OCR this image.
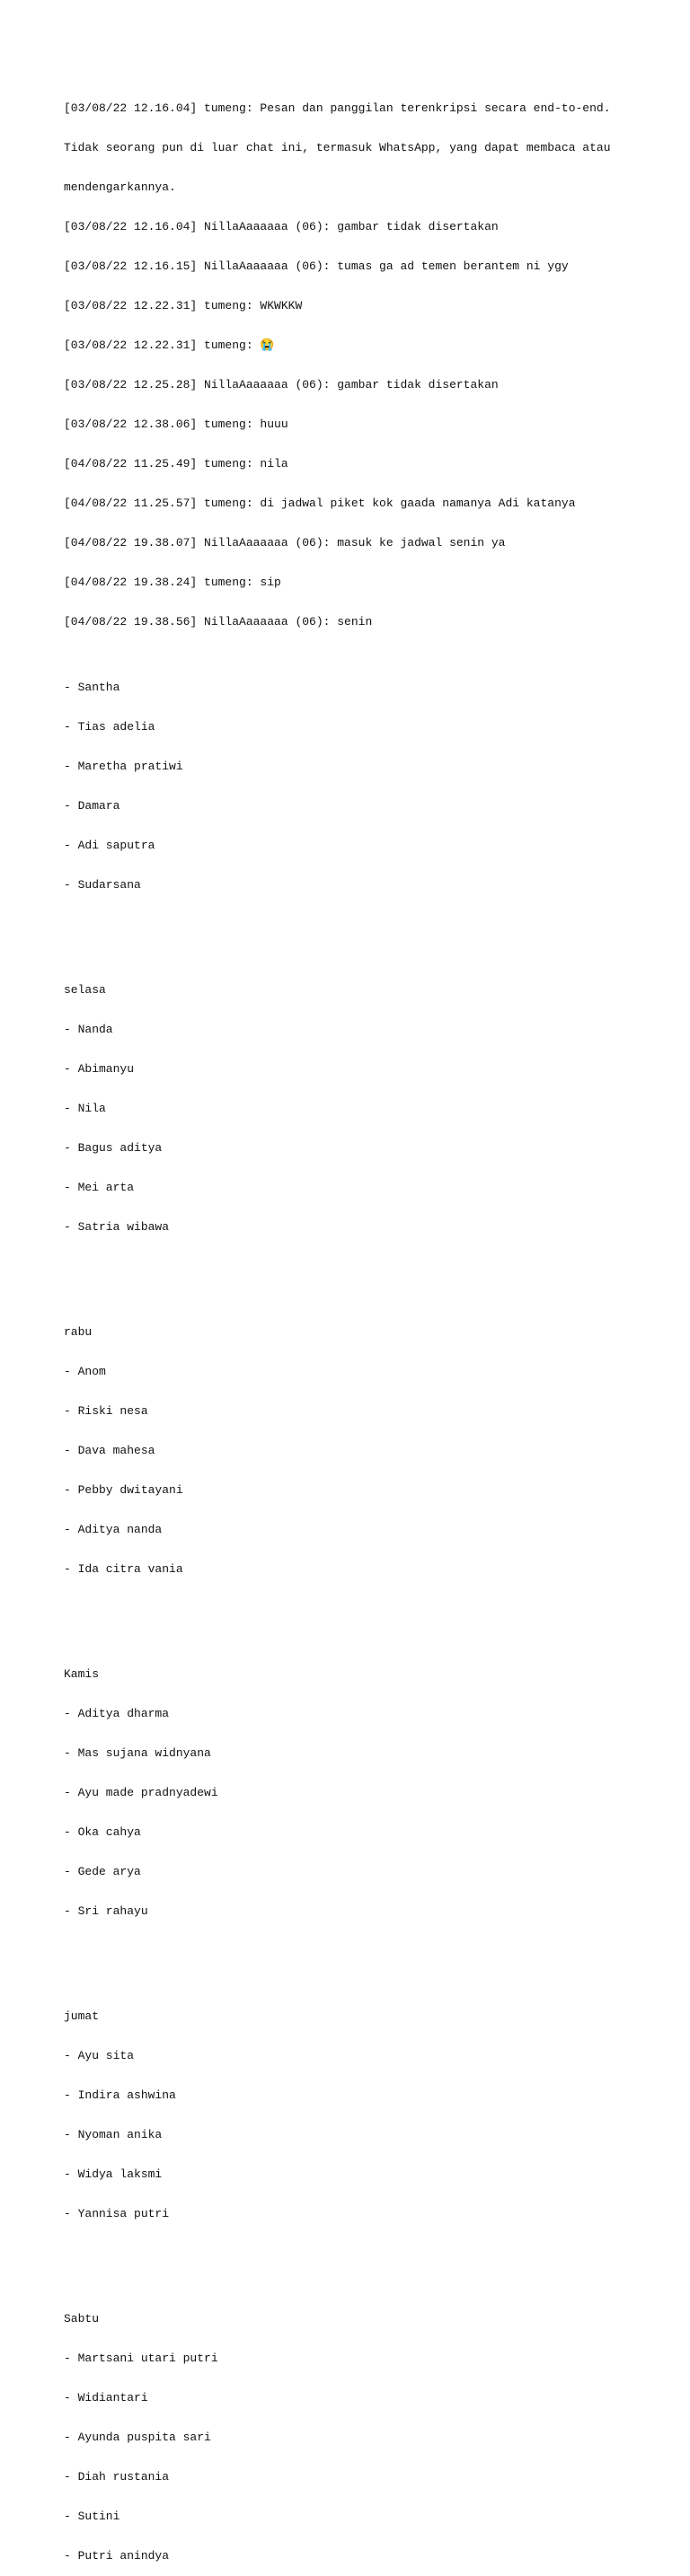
[03/08/22 12.16.04] tumeng: Pesan dan panggilan terenkripsi secara end-to-end.

Tidak seorang pun di luar chat ini, termasuk WhatsApp, yang dapat membaca atau

mendengarkannya.

[03/08/22 12.16.04] NillaAaaaaaa (06): gambar tidak disertakan

[03/08/22 12.16.15] NillaAaaaaaa (06): tumas ga ad temen berantem ni ygy

[03/08/22 12.22.31] tumeng: WKWKKW

[03/08/22 12.22.31] tumeng: 😭

[03/08/22 12.25.28] NillaAaaaaaa (06): gambar tidak disertakan

[03/08/22 12.38.06] tumeng: huuu

[04/08/22 11.25.49] tumeng: nila

[04/08/22 11.25.57] tumeng: di jadwal piket kok gaada namanya Adi katanya

[04/08/22 19.38.07] NillaAaaaaaa (06): masuk ke jadwal senin ya

[04/08/22 19.38.24] tumeng: sip

[04/08/22 19.38.56] NillaAaaaaaa (06): senin

- Santha

- Tias adelia

- Maretha pratiwi

- Damara

- Adi saputra

- Sudarsana

selasa

- Nanda

- Abimanyu

- Nila

- Bagus aditya

- Mei arta

- Satria wibawa

rabu

- Anom

- Riski nesa

- Dava mahesa

- Pebby dwitayani

- Aditya nanda

- Ida citra vania

Kamis

- Aditya dharma

- Mas sujana widnyana

- Ayu made pradnyadewi

- Oka cahya

- Gede arya

- Sri rahayu

jumat

- Ayu sita

- Indira ashwina

- Nyoman anika

- Widya laksmi

- Yannisa putri

Sabtu

- Martsani utari putri

- Widiantari

- Ayunda puspita sari

- Diah rustania

- Sutini

- Putri anindya
